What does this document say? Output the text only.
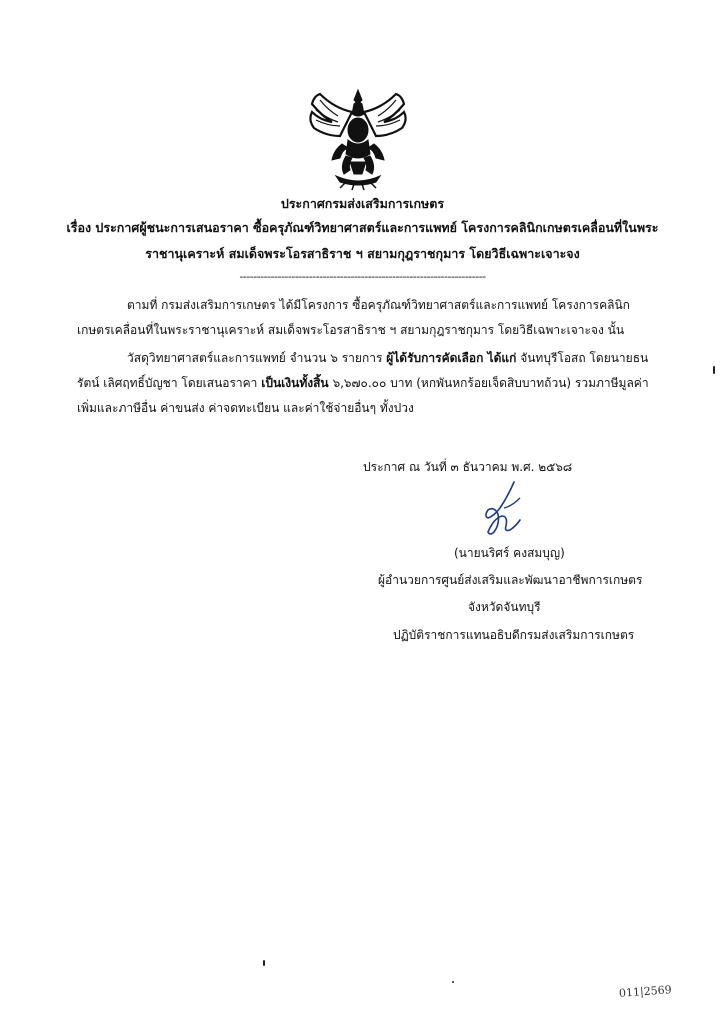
ประกาศกรมส่งเสริมการเกษตร
เรื่อง ประกาศผู้ชนะการเสนอราคา ซื้อครุภัณฑ์วิทยาศาสตร์และการแพทย์ โครงการคลินิกเกษตรเคลื่อนที่ในพระ
ราชานุเคราะห์ สมเด็จพระโอรสาธิราช ฯ สยามกุฎราชกุมาร โดยวิธีเฉพาะเจาะจง
-----------------------------------------------------------------------
ตามที่ กรมส่งเสริมการเกษตร ได้มีโครงการ ซื้อครุภัณฑ์วิทยาศาสตร์และการแพทย์ โครงการคลินิก
เกษตรเคลื่อนที่ในพระราชานุเคราะห์ สมเด็จพระโอรสาธิราช ฯ สยามกุฎราชกุมาร โดยวิธีเฉพาะเจาะจง นั้น
วัสดุวิทยาศาสตร์และการแพทย์ จำนวน ๖ รายการ ผู้ได้รับการคัดเลือก ได้แก่ จันทบุรีโอสถ โดยนายธน
รัตน์ เลิศฤทธิ์บัญชา โดยเสนอราคา เป็นเงินทั้งสิ้น ๖,๖๗๐.๐๐ บาท (หกพันหกร้อยเจ็ดสิบบาทถ้วน) รวมภาษีมูลค่า
เพิ่มและภาษีอื่น ค่าขนส่ง ค่าจดทะเบียน และค่าใช้จ่ายอื่นๆ ทั้งปวง
ประกาศ ณ วันที่ ๓ ธันวาคม พ.ศ. ๒๕๖๘
(นายนริศร์ คงสมบุญ)
ผู้อำนวยการศูนย์ส่งเสริมและพัฒนาอาชีพการเกษตร
จังหวัดจันทบุรี
ปฏิบัติราชการแทนอธิบดีกรมส่งเสริมการเกษตร
011|2569
